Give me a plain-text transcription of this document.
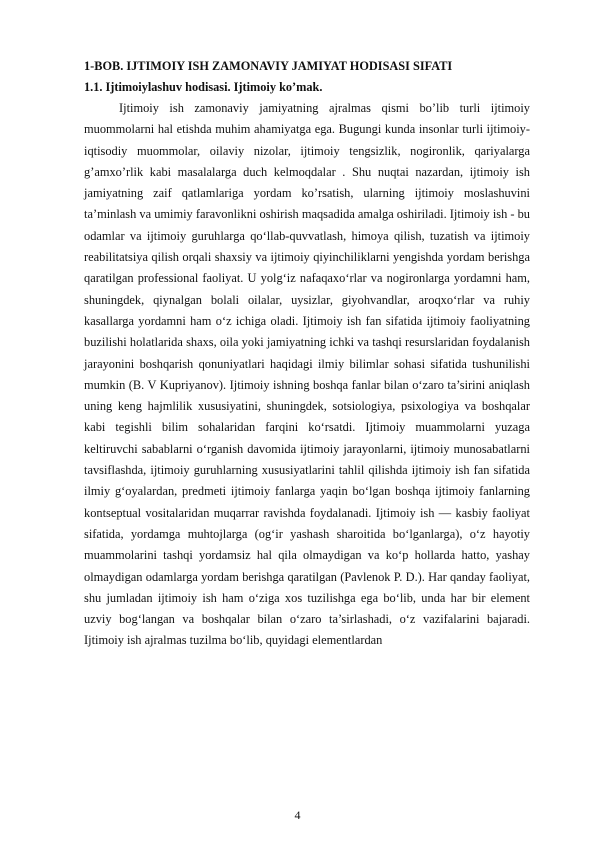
1-BOB. IJTIMOIY ISH ZAMONAVIY JAMIYAT HODISASI SIFATI

1.1. Ijtimoiylashuv hodisasi. Ijtimoiy ko’mak.

Ijtimoiy ish zamonaviy jamiyatning ajralmas qismi bo’lib turli ijtimoiy muommolarni hal etishda muhim ahamiyatga ega. Bugungi kunda insonlar turli ijtimoiy-iqtisodiy muommolar, oilaviy nizolar, ijtimoiy tengsizlik, nogironlik, qariyalarga g’amxo’rlik kabi masalalarga duch kelmoqdalar . Shu nuqtai nazardan, ijtimoiy ish jamiyatning zaif qatlamlariga yordam ko’rsatish, ularning ijtimoiy moslashuvini ta’minlash va umimiy faravonlikni oshirish maqsadida amalga oshiriladi. Ijtimoiy ish - bu odamlar va ijtimoiy guruhlarga qo‘llab-quvvatlash, himoya qilish, tuzatish va ijtimoiy reabilitatsiya qilish orqali shaxsiy va ijtimoiy qiyinchiliklarni yengishda yordam berishga qaratilgan professional faoliyat. U yolg‘iz nafaqaxo‘rlar va nogironlarga yordamni ham, shuningdek, qiynalgan bolali oilalar, uysizlar, giyohvandlar, aroqxo‘rlar va ruhiy kasallarga yordamni ham o‘z ichiga oladi. Ijtimoiy ish fan sifatida ijtimoiy faoliyatning buzilishi holatlarida shaxs, oila yoki jamiyatning ichki va tashqi resurslaridan foydalanish jarayonini boshqarish qonuniyatlari haqidagi ilmiy bilimlar sohasi sifatida tushunilishi mumkin (B. V Kupriyanov). Ijtimoiy ishning boshqa fanlar bilan o‘zaro ta’sirini aniqlash uning keng hajmlilik xususiyatini, shuningdek, sotsiologiya, psixologiya va boshqalar kabi tegishli bilim sohalaridan farqini ko‘rsatdi. Ijtimoiy muammolarni yuzaga keltiruvchi sabablarni o‘rganish davomida ijtimoiy jarayonlarni, ijtimoiy munosabatlarni tavsiflashda, ijtimoiy guruhlarning xususiyatlarini tahlil qilishda ijtimoiy ish fan sifatida ilmiy g‘oyalardan, predmeti ijtimoiy fanlarga yaqin bo‘lgan boshqa ijtimoiy fanlarning kontseptual vositalaridan muqarrar ravishda foydalanadi. Ijtimoiy ish — kasbiy faoliyat sifatida, yordamga muhtojlarga (og‘ir yashash sharoitida bo‘lganlarga), o‘z hayotiy muammolarini tashqi yordamsiz hal qila olmaydigan va ko‘p hollarda hatto, yashay olmaydigan odamlarga yordam berishga qaratilgan (Pavlenok P. D.). Har qanday faoliyat, shu jumladan ijtimoiy ish ham o‘ziga xos tuzilishga ega bo‘lib, unda har bir element uzviy bog‘langan va boshqalar bilan o‘zaro ta’sirlashadi, o‘z vazifalarini bajaradi. Ijtimoiy ish ajralmas tuzilma bo‘lib, quyidagi elementlardan

4
